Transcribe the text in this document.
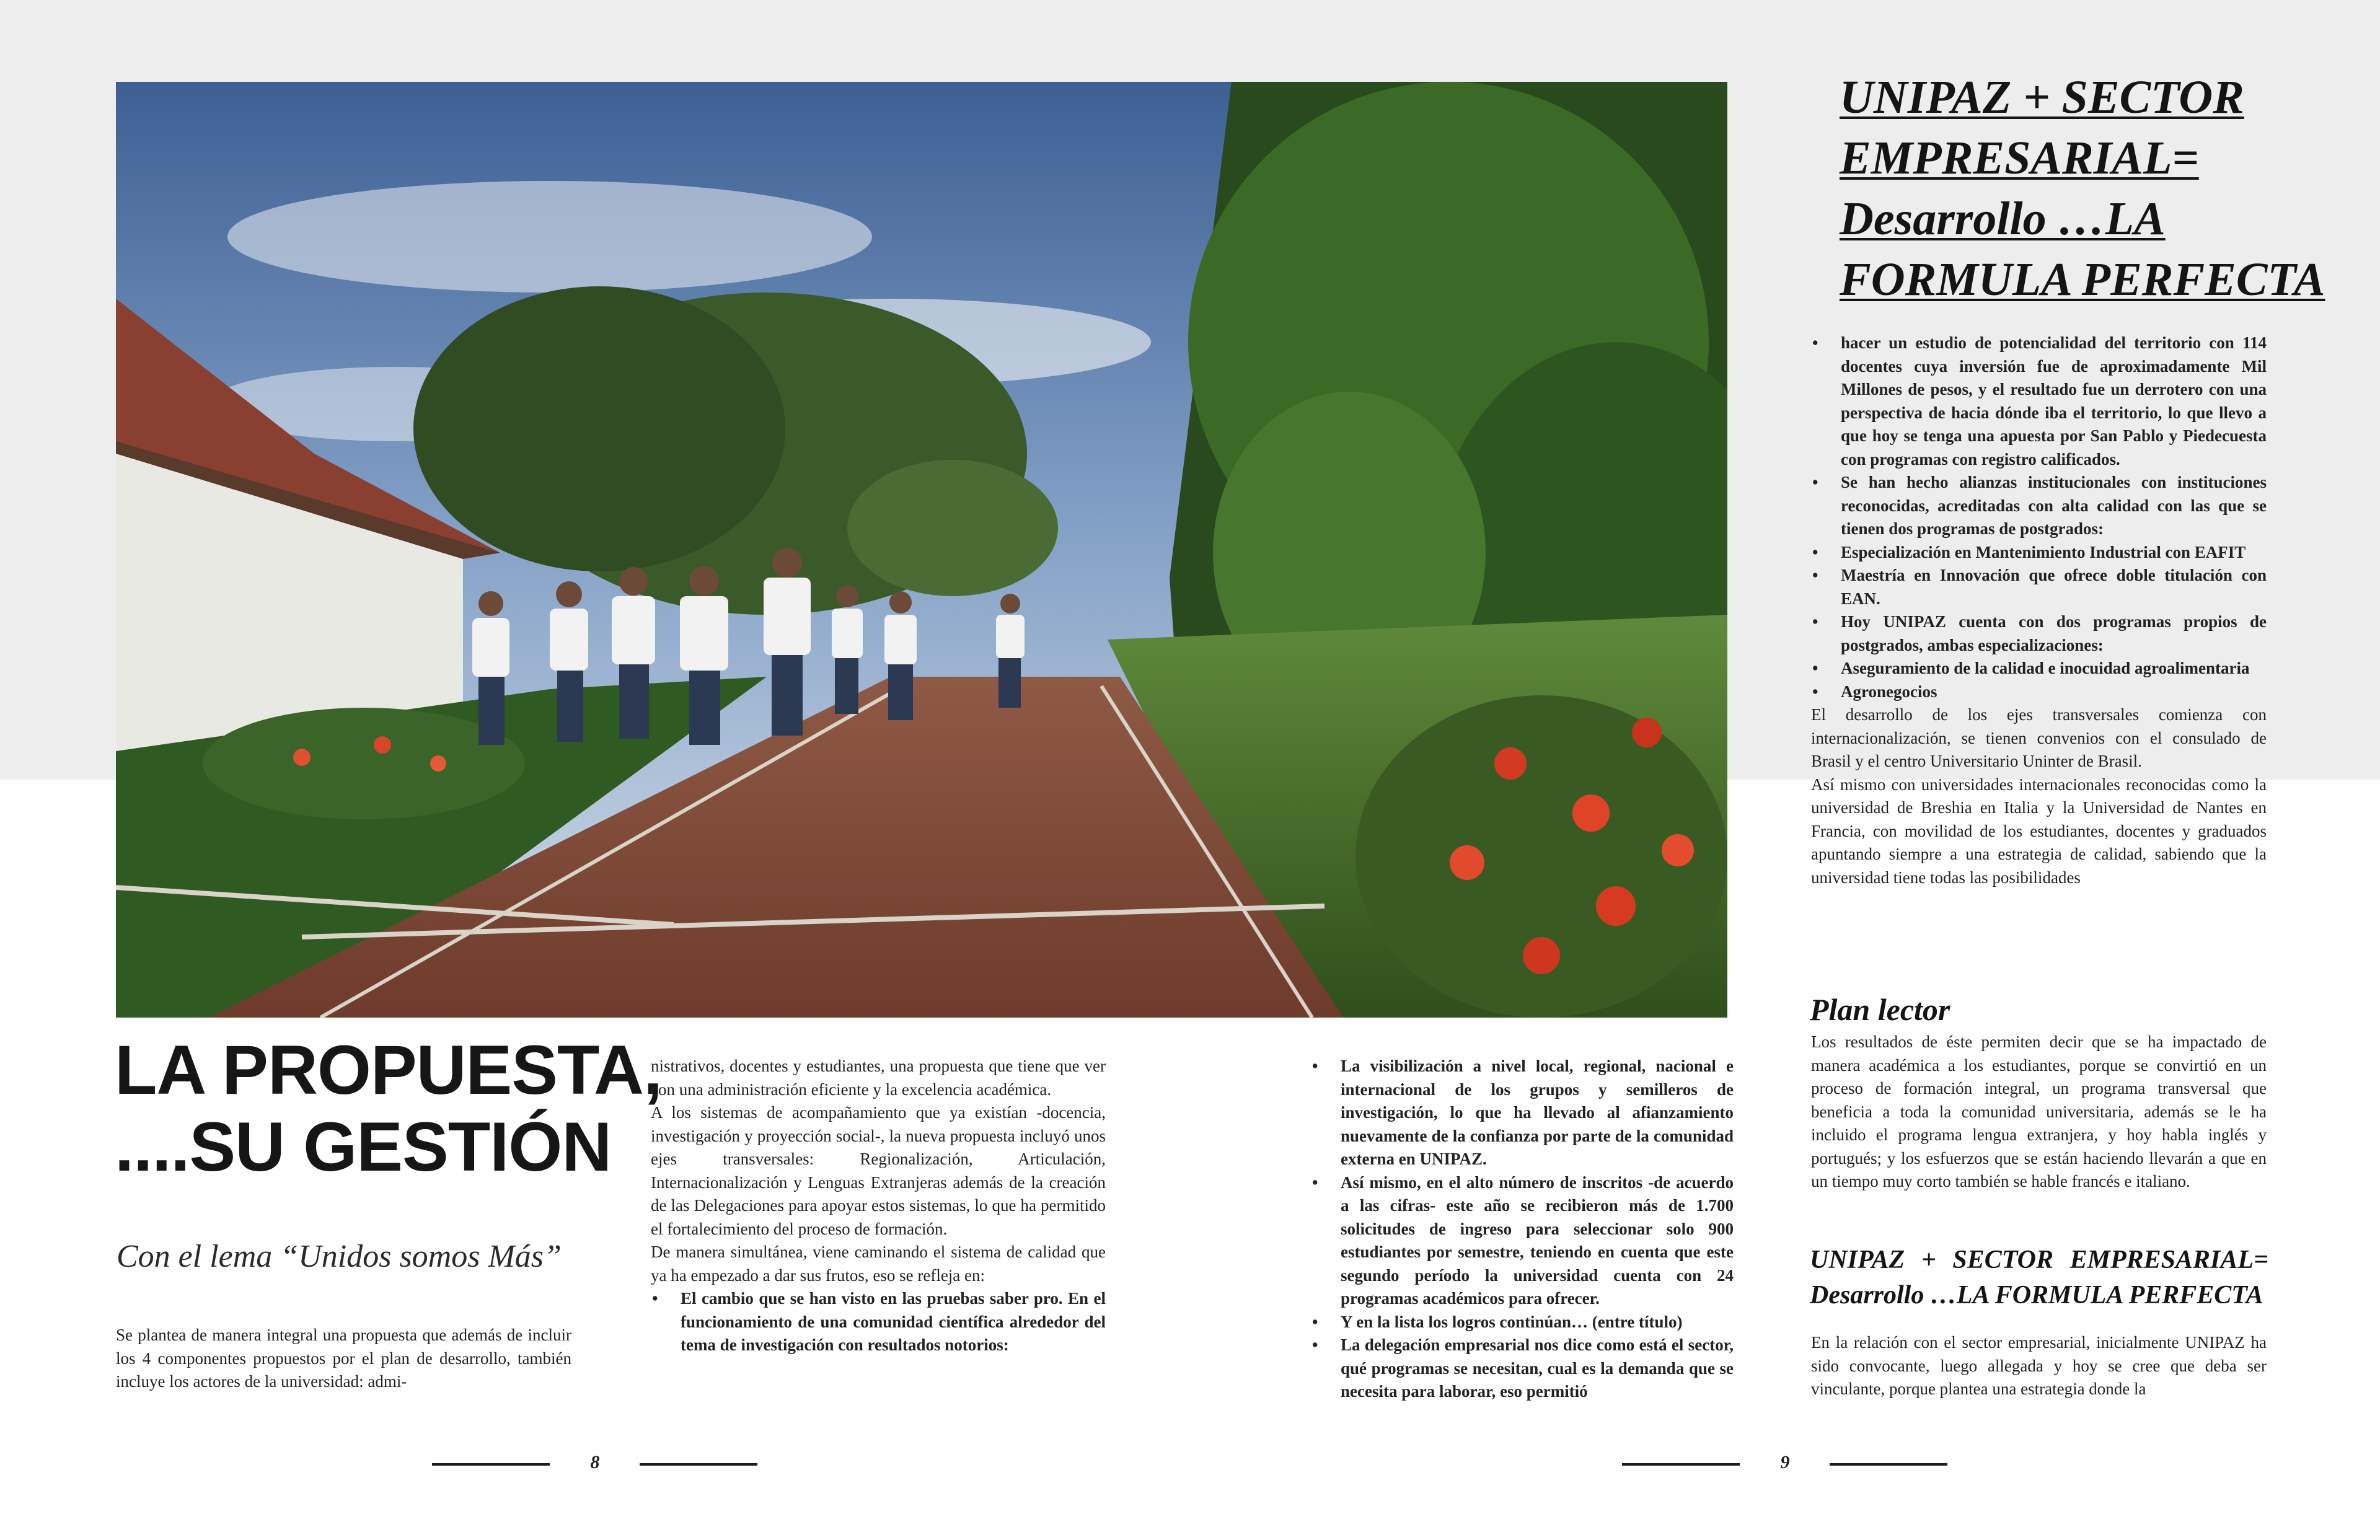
LA PROPUESTA,
....SU GESTIÓN
Con el lema “Unidos somos Más”

Se plantea de manera integral una propuesta que además de incluir los 4 componentes propuestos por el plan de desarrollo, también incluye los actores de la universidad: admi-

nistrativos, docentes y estudiantes, una propuesta que tiene que ver con una administración eficiente y la excelencia académica.

A los sistemas de acompañamiento que ya existían -docencia, investigación y proyección social-, la nueva propuesta incluyó unos ejes transversales: Regionalización, Articulación, Internacionalización y Lenguas Extranjeras además de la creación de las Delegaciones para apoyar estos sistemas, lo que ha permitido el fortalecimiento del proceso de formación.

De manera simultánea, viene caminando el sistema de calidad que ya ha empezado a dar sus frutos, eso se refleja en:

• El cambio que se han visto en las pruebas saber pro. En el funcionamiento de una comunidad científica alrededor del tema de investigación con resultados notorios:
• La visibilización a nivel local, regional, nacional e internacional de los grupos y semilleros de investigación, lo que ha llevado al afianzamiento nuevamente de la confianza por parte de la comunidad externa en UNIPAZ.
• Así mismo, en el alto número de inscritos -de acuerdo a las cifras- este año se recibieron más de 1.700 solicitudes de ingreso para seleccionar solo 900 estudiantes por semestre, teniendo en cuenta que este segundo período la universidad cuenta con 24 programas académicos para ofrecer.
• Y en la lista los logros continúan… (entre título)
• La delegación empresarial nos dice como está el sector, qué programas se necesitan, cual es la demanda que se necesita para laborar, eso permitió
8
UNIPAZ + SECTOR
EMPRESARIAL=
Desarrollo …LA
FORMULA PERFECTA
• hacer un estudio de potencialidad del territorio con 114 docentes cuya inversión fue de aproximadamente Mil Millones de pesos, y el resultado fue un derrotero con una perspectiva de hacia dónde iba el territorio, lo que llevo a que hoy se tenga una apuesta por San Pablo y Piedecuesta con programas con registro calificados.
• Se han hecho alianzas institucionales con instituciones reconocidas, acreditadas con alta calidad con las que se tienen dos programas de postgrados:
• Especialización en Mantenimiento Industrial con EAFIT
• Maestría en Innovación que ofrece doble titulación con EAN.
• Hoy UNIPAZ cuenta con dos programas propios de postgrados, ambas especializaciones:
• Aseguramiento de la calidad e inocuidad agroalimentaria
• Agronegocios

El desarrollo de los ejes transversales comienza con internacionalización, se tienen convenios con el consulado de Brasil y el centro Universitario Uninter de Brasil.

Así mismo con universidades internacionales reconocidas como la universidad de Breshia en Italia y la Universidad de Nantes en Francia, con movilidad de los estudiantes, docentes y graduados apuntando siempre a una estrategia de calidad, sabiendo que la universidad tiene todas las posibilidades

Plan lector

Los resultados de éste permiten decir que se ha impactado de manera académica a los estudiantes, porque se convirtió en un proceso de formación integral, un programa transversal que beneficia a toda la comunidad universitaria, además se le ha incluido el programa lengua extranjera, y hoy habla inglés y portugués; y los esfuerzos que se están haciendo llevarán a que en un tiempo muy corto también se hable francés e italiano.

UNIPAZ + SECTOR EMPRESARIAL=
Desarrollo …LA FORMULA PERFECTA

En la relación con el sector empresarial, inicialmente UNIPAZ ha sido convocante, luego allegada y hoy se cree que deba ser vinculante, porque plantea una estrategia donde la

9
